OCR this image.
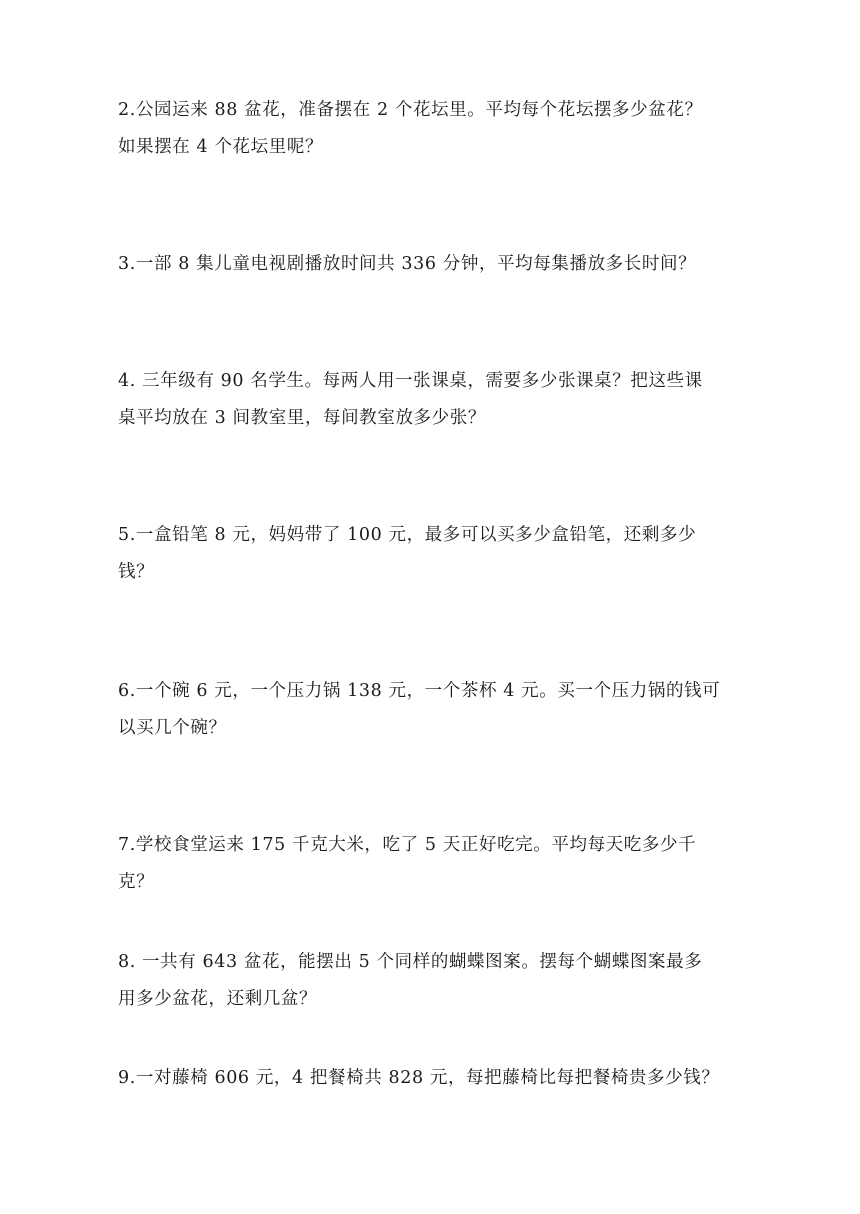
2.公园运来 88 盆花，准备摆在 2 个花坛里。平均每个花坛摆多少盆花？

如果摆在 4 个花坛里呢？

3.一部 8 集儿童电视剧播放时间共 336 分钟，平均每集播放多长时间？

4. 三年级有 90 名学生。每两人用一张课桌，需要多少张课桌？把这些课

桌平均放在 3 间教室里，每间教室放多少张？

5.一盒铅笔 8 元，妈妈带了 100 元，最多可以买多少盒铅笔，还剩多少

钱？

6.一个碗 6 元，一个压力锅 138 元，一个茶杯 4 元。买一个压力锅的钱可

以买几个碗？

7.学校食堂运来 175 千克大米，吃了 5 天正好吃完。平均每天吃多少千

克？

8. 一共有 643 盆花，能摆出 5 个同样的蝴蝶图案。摆每个蝴蝶图案最多

用多少盆花，还剩几盆？

9.一对藤椅 606 元，4 把餐椅共 828 元，每把藤椅比每把餐椅贵多少钱？
